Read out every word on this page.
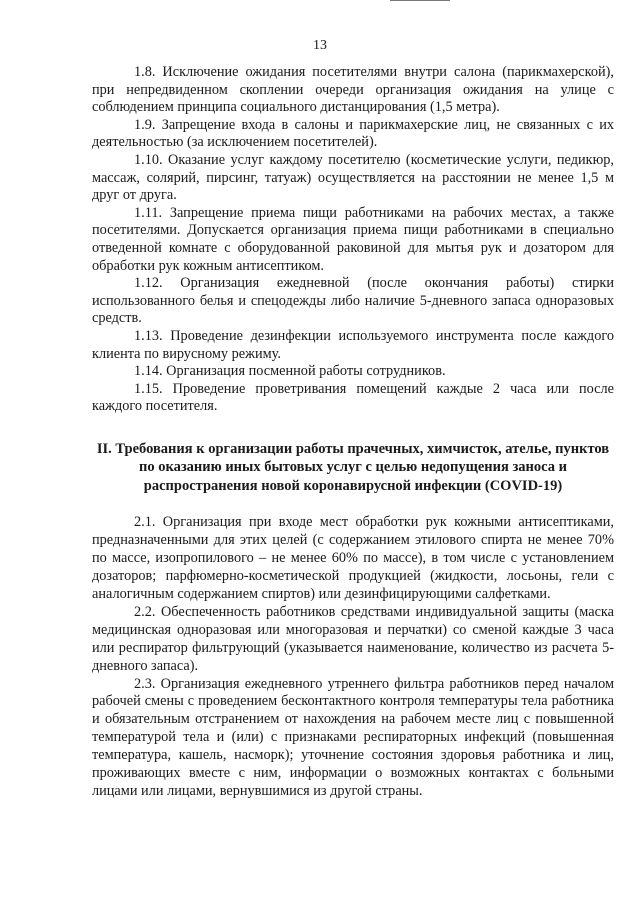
13

1.8. Исключение ожидания посетителями внутри салона (парикмахерской), при непредвиденном скоплении очереди организация ожидания на улице с соблюдением принципа социального дистанцирования (1,5 метра).

1.9. Запрещение входа в салоны и парикмахерские лиц, не связанных с их деятельностью (за исключением посетителей).

1.10. Оказание услуг каждому посетителю (косметические услуги, педикюр, массаж, солярий, пирсинг, татуаж) осуществляется на расстоянии не менее 1,5 м друг от друга.

1.11. Запрещение приема пищи работниками на рабочих местах, а также посетителями. Допускается организация приема пищи работниками в специально отведенной комнате с оборудованной раковиной для мытья рук и дозатором для обработки рук кожным антисептиком.

1.12. Организация ежедневной (после окончания работы) стирки использованного белья и спецодежды либо наличие 5-дневного запаса одноразовых средств.

1.13. Проведение дезинфекции используемого инструмента после каждого клиента по вирусному режиму.

1.14. Организация посменной работы сотрудников.

1.15. Проведение проветривания помещений каждые 2 часа или после каждого посетителя.

II. Требования к организации работы прачечных, химчисток, ателье, пунктов по оказанию иных бытовых услуг с целью недопущения заноса и распространения новой коронавирусной инфекции (COVID-19)

2.1. Организация при входе мест обработки рук кожными антисептиками, предназначенными для этих целей (с содержанием этилового спирта не менее 70% по массе, изопропилового – не менее 60% по массе), в том числе с установлением дозаторов; парфюмерно-косметической продукцией (жидкости, лосьоны, гели с аналогичным содержанием спиртов) или дезинфицирующими салфетками.

2.2. Обеспеченность работников средствами индивидуальной защиты (маска медицинская одноразовая или многоразовая и перчатки) со сменой каждые 3 часа или респиратор фильтрующий (указывается наименование, количество из расчета 5-дневного запаса).

2.3. Организация ежедневного утреннего фильтра работников перед началом рабочей смены с проведением бесконтактного контроля температуры тела работника и обязательным отстранением от нахождения на рабочем месте лиц с повышенной температурой тела и (или) с признаками респираторных инфекций (повышенная температура, кашель, насморк); уточнение состояния здоровья работника и лиц, проживающих вместе с ним, информации о возможных контактах с больными лицами или лицами, вернувшимися из другой страны.
